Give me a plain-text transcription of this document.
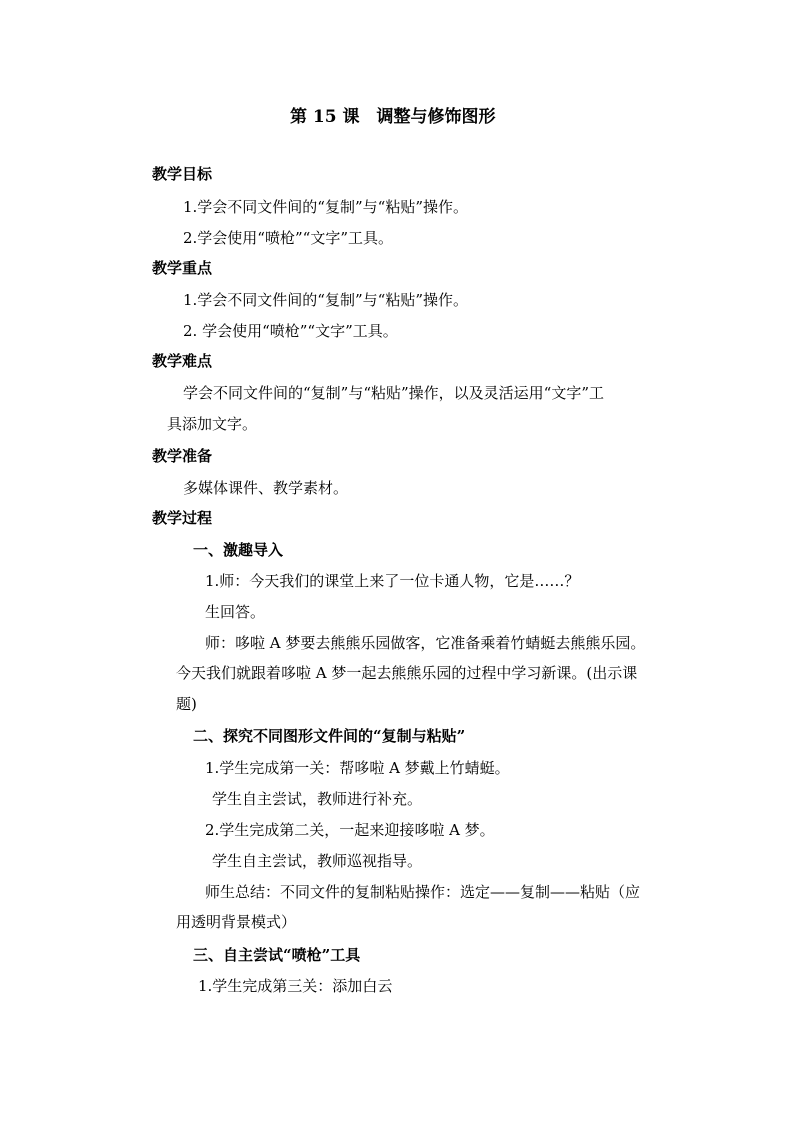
第 15 课　调整与修饰图形
教学目标
1.学会不同文件间的“复制”与“粘贴”操作。
2.学会使用“喷枪”“文字”工具。
教学重点
1.学会不同文件间的“复制”与“粘贴”操作。
2. 学会使用“喷枪”“文字”工具。
教学难点
学会不同文件间的“复制”与“粘贴”操作，以及灵活运用“文字”工
具添加文字。
教学准备
多媒体课件、教学素材。
教学过程
一、激趣导入
1.师：今天我们的课堂上来了一位卡通人物，它是……？
生回答。
师：哆啦 A 梦要去熊熊乐园做客，它准备乘着竹蜻蜓去熊熊乐园。
今天我们就跟着哆啦 A 梦一起去熊熊乐园的过程中学习新课。(出示课
题)
二、探究不同图形文件间的“复制与粘贴”
1.学生完成第一关：帮哆啦 A 梦戴上竹蜻蜓。
学生自主尝试，教师进行补充。
2.学生完成第二关，一起来迎接哆啦 A 梦。
学生自主尝试，教师巡视指导。
师生总结：不同文件的复制粘贴操作：选定——复制——粘贴（应
用透明背景模式）
三、自主尝试“喷枪”工具
1.学生完成第三关：添加白云
